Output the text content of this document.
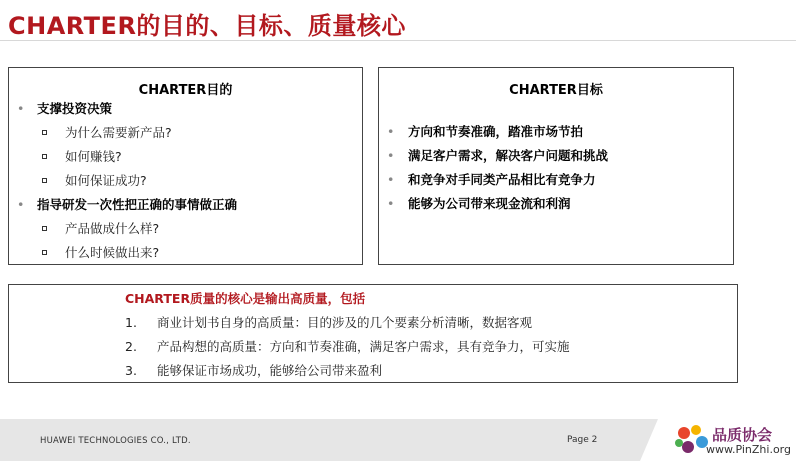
CHARTER的目的、目标、质量核心
CHARTER目的
• 支撑投资决策
为什么需要新产品?
如何赚钱?
如何保证成功?
• 指导研发一次性把正确的事情做正确
产品做成什么样?
什么时候做出来?
CHARTER目标
• 方向和节奏准确，踏准市场节拍
• 满足客户需求，解决客户问题和挑战
• 和竞争对手同类产品相比有竞争力
• 能够为公司带来现金流和利润
CHARTER质量的核心是输出高质量，包括
1. 商业计划书自身的高质量：目的涉及的几个要素分析清晰，数据客观
2. 产品构想的高质量：方向和节奏准确，满足客户需求，具有竞争力，可实施
3. 能够保证市场成功，能够给公司带来盈利
HUAWEI TECHNOLOGIES CO., LTD.	Page 2	品质协会
www.PinZhi.org
